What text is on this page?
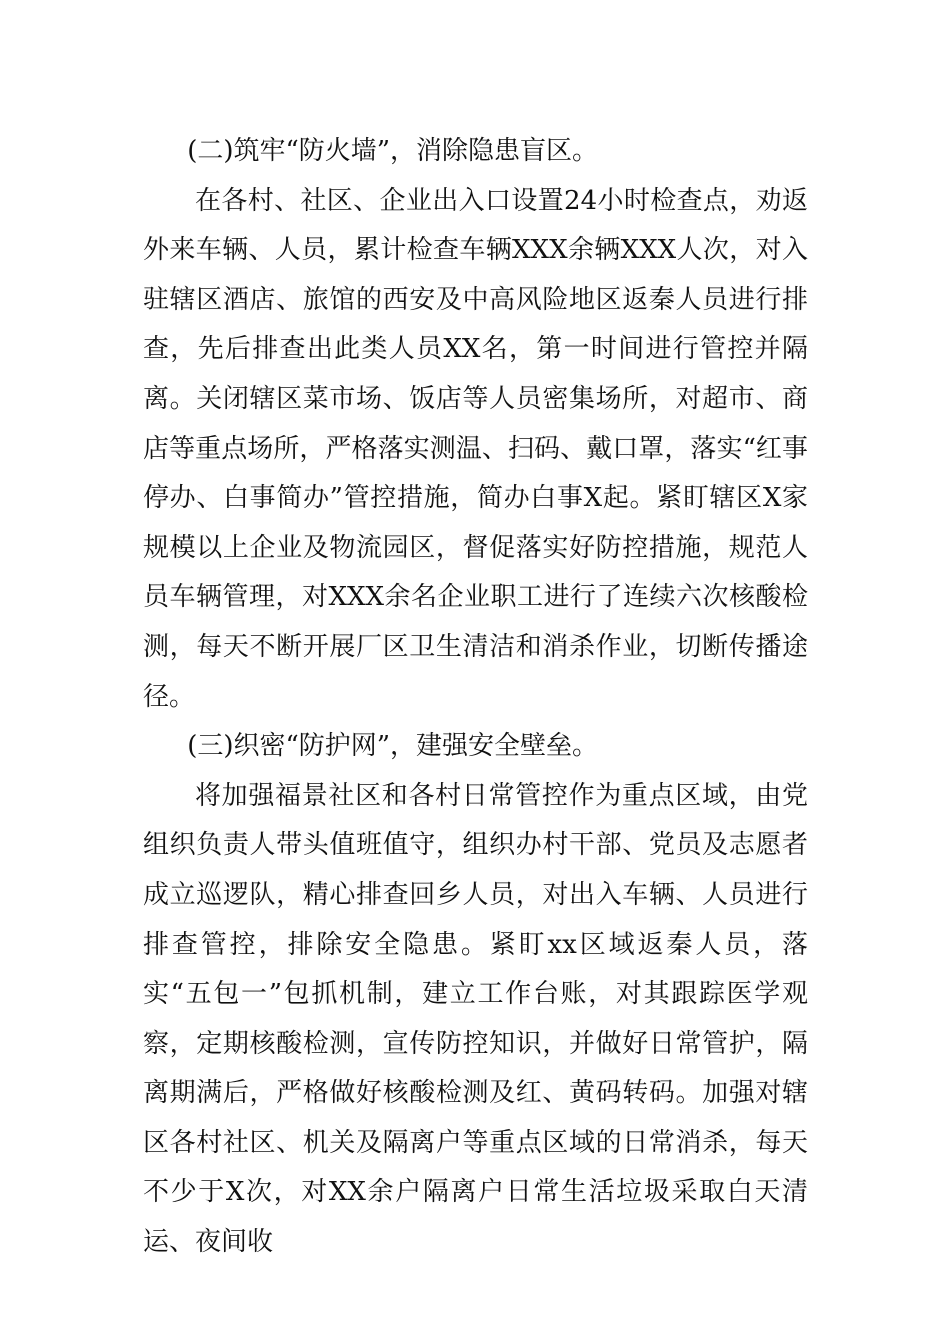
(二)筑牢“防火墙”，消除隐患盲区。

在各村、社区、企业出入口设置24小时检查点，劝返外来车辆、人员，累计检查车辆XXX余辆XXX人次，对入驻辖区酒店、旅馆的西安及中高风险地区返秦人员进行排查，先后排查出此类人员XX名，第一时间进行管控并隔离。关闭辖区菜市场、饭店等人员密集场所，对超市、商店等重点场所，严格落实测温、扫码、戴口罩，落实“红事停办、白事简办”管控措施，简办白事X起。紧盯辖区X家规模以上企业及物流园区，督促落实好防控措施，规范人员车辆管理，对XXX余名企业职工进行了连续六次核酸检测，每天不断开展厂区卫生清洁和消杀作业，切断传播途径。

(三)织密“防护网”，建强安全壁垒。

将加强福景社区和各村日常管控作为重点区域，由党组织负责人带头值班值守，组织办村干部、党员及志愿者成立巡逻队，精心排查回乡人员，对出入车辆、人员进行排查管控，排除安全隐患。紧盯xx区域返秦人员，落实“五包一”包抓机制，建立工作台账，对其跟踪医学观察，定期核酸检测，宣传防控知识，并做好日常管护，隔离期满后，严格做好核酸检测及红、黄码转码。加强对辖区各村社区、机关及隔离户等重点区域的日常消杀，每天不少于X次，对XX余户隔离户日常生活垃圾采取白天清运、夜间收
